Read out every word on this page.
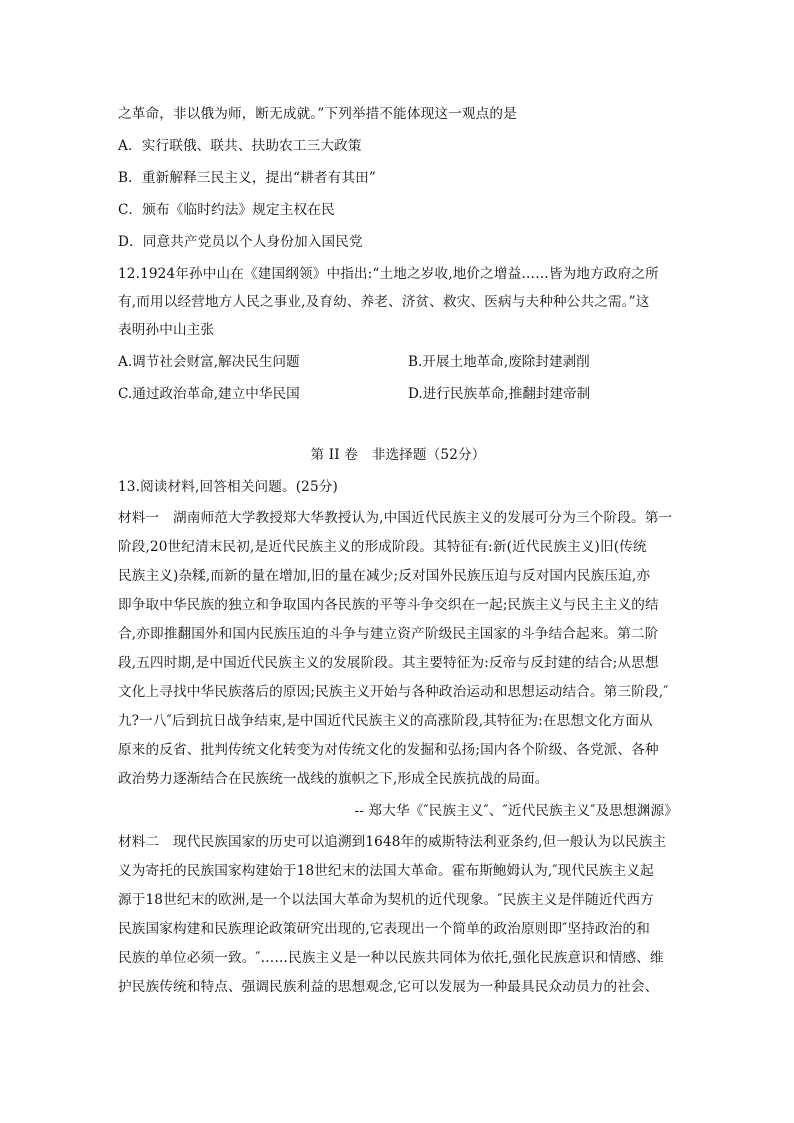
之革命，非以俄为师，断无成就。”下列举措不能体现这一观点的是
A．实行联俄、联共、扶助农工三大政策
B．重新解释三民主义，提出“耕者有其田”
C．颁布《临时约法》规定主权在民
D．同意共产党员以个人身份加入国民党
12.1924年孙中山在《建国纲领》中指出:“土地之岁收,地价之增益……皆为地方政府之所
有,而用以经营地方人民之事业,及育幼、养老、济贫、救灾、医病与夫种种公共之需。”这
表明孙中山主张
A.调节社会财富,解决民生问题	B.开展土地革命,废除封建剥削
C.通过政治革命,建立中华民国	D.进行民族革命,推翻封建帝制
第 II 卷　非选择题（52分）
13.阅读材料,回答相关问题。(25分)
材料一　湖南师范大学教授郑大华教授认为,中国近代民族主义的发展可分为三个阶段。第一
阶段,20世纪清末民初,是近代民族主义的形成阶段。其特征有:新(近代民族主义)旧(传统
民族主义)杂糅,而新的量在增加,旧的量在减少;反对国外民族压迫与反对国内民族压迫,亦
即争取中华民族的独立和争取国内各民族的平等斗争交织在一起;民族主义与民主主义的结
合,亦即推翻国外和国内民族压迫的斗争与建立资产阶级民主国家的斗争结合起来。第二阶
段,五四时期,是中国近代民族主义的发展阶段。其主要特征为:反帝与反封建的结合;从思想
文化上寻找中华民族落后的原因;民族主义开始与各种政治运动和思想运动结合。第三阶段,″
九?一八″后到抗日战争结束,是中国近代民族主义的高涨阶段,其特征为:在思想文化方面从
原来的反省、批判传统文化转变为对传统文化的发掘和弘扬;国内各个阶级、各党派、各种
政治势力逐渐结合在民族统一战线的旗帜之下,形成全民族抗战的局面。
-- 郑大华《″民族主义″、″近代民族主义″及思想渊源》
材料二　现代民族国家的历史可以追溯到1648年的威斯特法利亚条约,但一般认为以民族主
义为寄托的民族国家构建始于18世纪末的法国大革命。霍布斯鲍姆认为,″现代民族主义起
源于18世纪末的欧洲,是一个以法国大革命为契机的近代现象。″民族主义是伴随近代西方
民族国家构建和民族理论政策研究出现的,它表现出一个简单的政治原则即″坚持政治的和
民族的单位必须一致。″……民族主义是一种以民族共同体为依托,强化民族意识和情感、维
护民族传统和特点、强调民族利益的思想观念,它可以发展为一种最具民众动员力的社会、
